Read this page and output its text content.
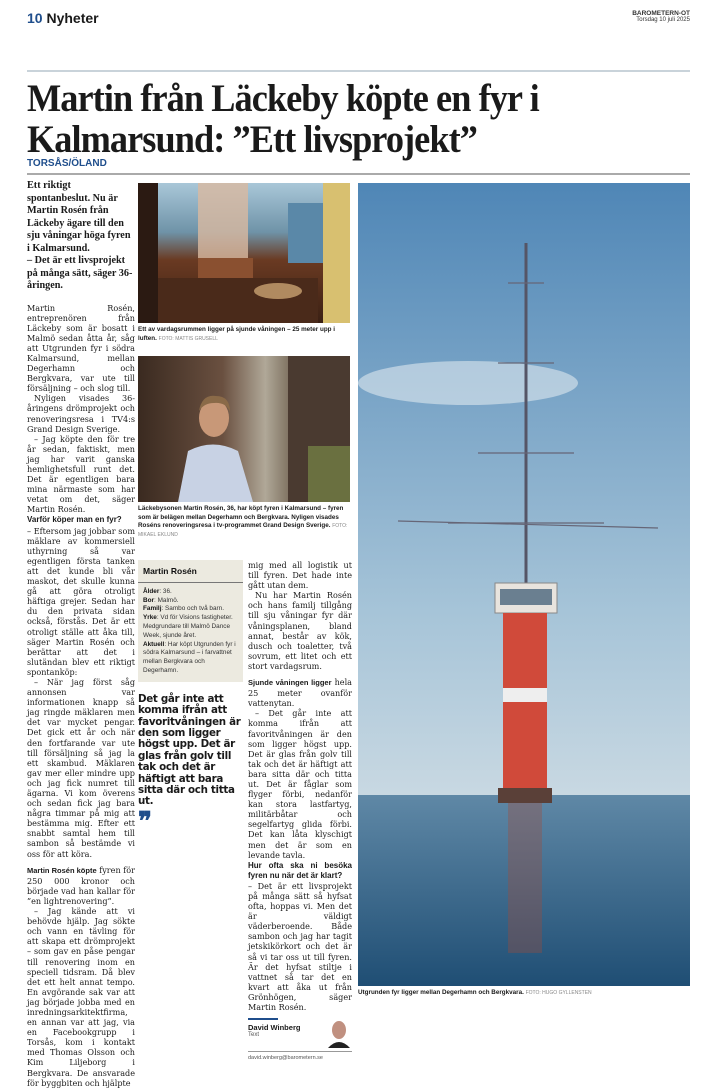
10 Nyheter	BAROMETERN-OT
Torsdag 10 juli 2025
Martin från Läckeby köpte en fyr i Kalmarsund: ”Ett livsprojekt”
TORSÅS/ÖLAND
Ett riktigt spontanbeslut. Nu är Martin Rosén från Läckeby ägare till den sju våningar höga fyren i Kalmarsund.
– Det är ett livsprojekt på många sätt, säger 36-åringen.

Martin Rosén, entreprenören från Läckeby som är bosatt i Malmö sedan åtta år, såg att Utgrunden fyr i södra Kalmarsund, mellan Degerhamn och Bergkvara, var ute till försäljning – och slog till.

Nyligen visades 36-åringens drömprojekt och renoveringsresa i TV4:s Grand Design Sverige.

– Jag köpte den för tre år sedan, faktiskt, men jag har varit ganska hemlighetsfull runt det. Det är egentligen bara mina närmaste som har vetat om det, säger Martin Rosén.

Varför köper man en fyr?

– Eftersom jag jobbar som mäklare av kommersiell uthyrning så var egentligen första tanken att det kunde bli vår maskot, det skulle kunna gå att göra otroligt häftiga grejer. Sedan har du den privata sidan också, förstås. Det är ett otroligt ställe att åka till, säger Martin Rosén och berättar att det i slutändan blev ett riktigt spontanköp:

– När jag först såg annonsen var informationen knapp så jag ringde mäklaren men det var mycket pengar. Det gick ett år och när den fortfarande var ute till försäljning så jag la ett skambud. Mäklaren gav mer eller mindre upp och jag fick numret till ägarna. Vi kom överens och sedan fick jag bara några timmar på mig att bestämma mig. Efter ett snabbt samtal hem till sambon så bestämde vi oss för att köra.

Martin Rosén köpte fyren för 250 000 kronor och började vad han kallar för ”en lightrenovering”.

– Jag kände att vi behövde hjälp. Jag sökte och vann en tävling för att skapa ett drömprojekt – som gav en påse pengar till renovering inom en speciell tidsram. Då blev det ett helt annat tempo. En avgörande sak var att jag började jobba med en inredningsarkitektfirma, en annan var att jag, via en Facebookgrupp i Torsås, kom i kontakt med Thomas Olsson och Kim Liljeborg i Bergkvara. De ansvarade för byggbiten och hjälpte

Ett av vardagsrummen ligger på sjunde våningen – 25 meter upp i luften. FOTO: MATTIS GRUSELL
Läckebysonen Martin Rosén, 36, har köpt fyren i Kalmarsund – fyren som är belägen mellan Degerhamn och Bergkvara. Nyligen visades Roséns renoveringsresa i tv-programmet Grand Design Sverige. FOTO: MIKAEL EKLUND
Martin Rosén
Ålder: 36.
Bor: Malmö.
Familj: Sambo och två barn.
Yrke: Vd för Visions fastigheter. Medgrundare till Malmö Dance Week, sjunde året.
Aktuell: Har köpt Utgrunden fyr i södra Kalmarsund – i farvattnet mellan Bergkvara och Degerhamn.
Det går inte att komma ifrån att favoritvåningen är den som ligger högst upp. Det är glas från golv till tak och det är häftigt att bara sitta där och titta ut.
❞

mig med all logistik ut till fyren. Det hade inte gått utan dem.

Nu har Martin Rosén och hans familj tillgång till sju våningar fyr där våningsplanen, bland annat, består av kök, dusch och toaletter, två sovrum, ett litet och ett stort vardagsrum.

Sjunde våningen ligger hela 25 meter ovanför vattenytan.

– Det går inte att komma ifrån att favoritvåningen är den som ligger högst upp. Det är glas från golv till tak och det är häftigt att bara sitta där och titta ut. Det är fåglar som flyger förbi, nedanför kan stora lastfartyg, militärbåtar och segelfartyg glida förbi. Det kan låta klyschigt men det är som en levande tavla.

Hur ofta ska ni besöka fyren nu när det är klart?

– Det är ett livsprojekt på många sätt så hyfsat ofta, hoppas vi. Men det är väldigt väderberoende. Både sambon och jag har tagit jetskikörkort och det är så vi tar oss ut till fyren. Är det hyfsat stiltje i vattnet så tar det en kvart att åka ut från Grönhögen, säger Martin Rosén.

David Winberg
Text
david.winberg@barometern.se
Utgrunden fyr ligger mellan Degerhamn och Bergkvara. FOTO: HUGO GYLLENSTEN
